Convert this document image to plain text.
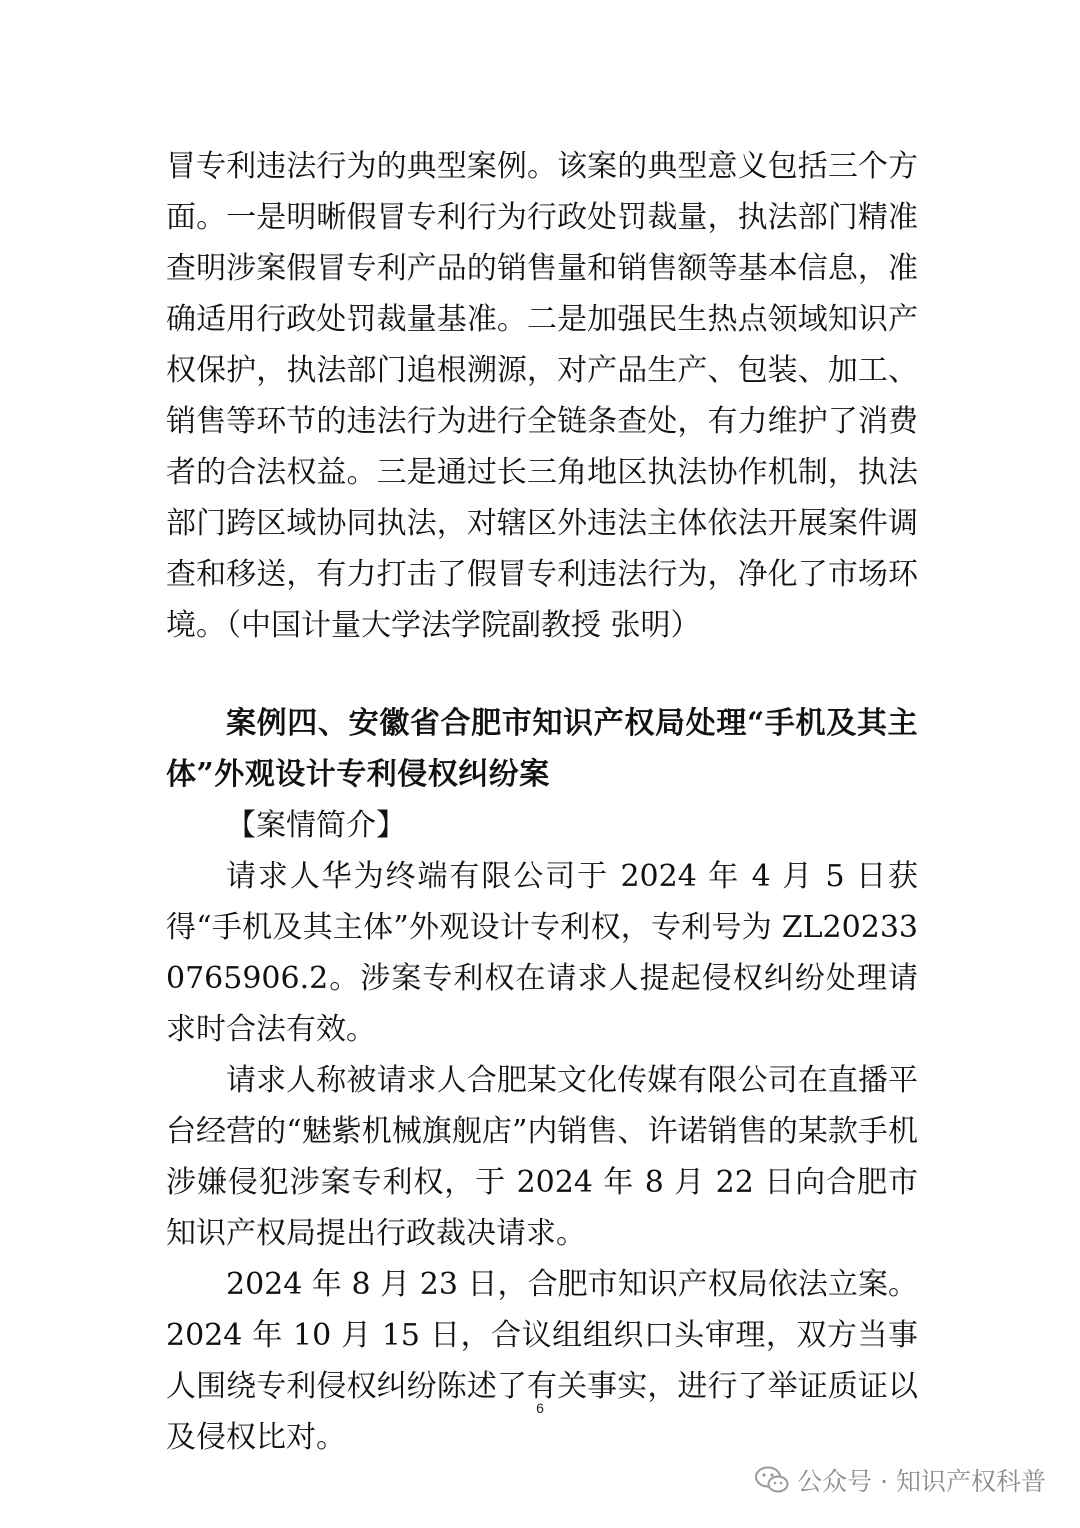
冒专利违法行为的典型案例。该案的典型意义包括三个方面。一是明晰假冒专利行为行政处罚裁量，执法部门精准查明涉案假冒专利产品的销售量和销售额等基本信息，准确适用行政处罚裁量基准。二是加强民生热点领域知识产权保护，执法部门追根溯源，对产品生产、包装、加工、销售等环节的违法行为进行全链条查处，有力维护了消费者的合法权益。三是通过长三角地区执法协作机制，执法部门跨区域协同执法，对辖区外违法主体依法开展案件调查和移送，有力打击了假冒专利违法行为，净化了市场环境。（中国计量大学法学院副教授 张明）

案例四、安徽省合肥市知识产权局处理“手机及其主体”外观设计专利侵权纠纷案

【案情简介】

请求人华为终端有限公司于 2024 年 4 月 5 日获得“手机及其主体”外观设计专利权，专利号为 ZL202330765906.2。涉案专利权在请求人提起侵权纠纷处理请求时合法有效。

请求人称被请求人合肥某文化传媒有限公司在直播平台经营的“魅紫机械旗舰店”内销售、许诺销售的某款手机涉嫌侵犯涉案专利权，于 2024 年 8 月 22 日向合肥市知识产权局提出行政裁决请求。

2024 年 8 月 23 日，合肥市知识产权局依法立案。2024 年 10 月 15 日，合议组组织口头审理，双方当事人围绕专利侵权纠纷陈述了有关事实，进行了举证质证以及侵权比对。

6
公众号 · 知识产权科普
